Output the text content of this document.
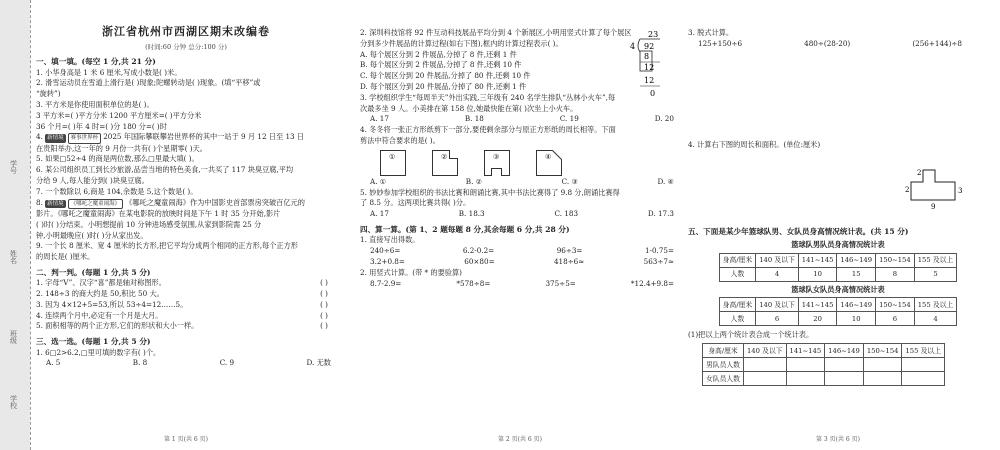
学号
姓名
班级
学校
浙江省杭州市西湖区期末改编卷
(时间:60 分钟 总分:100 分)
一、填一填。(每空 1 分,共 21 分)
1. 小华身高是 1 米 6 厘米,写成小数是( )米。
2. 滑雪运动员在雪道上滑行是( )现象;陀螺转动是( )现象。(填“平移”或
“旋转”)
3. 平方米是你使用面积单位的是( )。
3 平方米=( )平方分米 1200 平方厘米=( )平方分米
36 个月=( )年 4 时=( )分 180 分=( )时
4. 新情境 赛事世界杯 2025 年国际攀联攀岩世界杯的其中一站于 9 月 12 日至 13 日
在贵阳举办,这一年的 9 月份一共有( )个星期零( )天。
5. 如果□52÷4 的商是两位数,那么□里最大填( )。
6. 某公司组织员工到长沙旅游,品尝当地的特色美食,一共买了 117 块臭豆腐,平均
分给 9 人,每人能分到( )块臭豆腐。
7. 一个数除以 6,商是 104,余数是 5,这个数是( )。
8. 新情境 《哪吒之魔童闹海》 《哪吒之魔童闹海》作为中国影史首部票房突破百亿元的
影片。《哪吒之魔童闹海》在某电影院的放映时间是下午 1 时 35 分开始,影片
( )时( )分结束。小明想提前 10 分钟进场感受氛围,从家到影院需 25 分
钟,小明最晚应( )时( )分从家出发。
9. 一个长 8 厘米、宽 4 厘米的长方形,把它平均分成两个相同的正方形,每个正方形
的周长是( )厘米。
二、判一判。(每题 1 分,共 5 分)
1. 字母“V”、汉字“喜”都是轴对称图形。	( )
2. 148÷3 的商大约是 50,积比 50 大。	( )
3. 因为 4×12+5=53,所以 53÷4=12……5。	( )
4. 连续两个月中,必定有一个月是大月。	( )
5. 面积相等的两个正方形,它们的形状和大小一样。	( )
三、选一选。(每题 1 分,共 5 分)
1. 6□2>6.2,□里可填的数字有( )个。
A. 5	B. 8	C. 9	D. 无数
第 1 页(共 6 页)
2. 深圳科技馆将 92 件互动科技展品平均分到 4 个新展区,小明用竖式计算了每个展区
分到多少件展品的计算过程(如右下图),框内的计算过程表示( )。
A. 每个展区分到 2 件展品,分掉了 8 件,还剩 1 件
B. 每个展区分到 2 件展品,分掉了 8 件,还剩 10 件
C. 每个展区分到 20 件展品,分掉了 80 件,还剩 10 件
D. 每个展区分到 20 件展品,分掉了 80 件,还剩 1 件
23
4 92
8
12
12
0
3. 学校组织学生“每周半天”外出实践,三年级有 240 名学生排队“丛林小火车”,每
次最多坐 9 人。小美排在第 158 位,她最快能在第( )次坐上小火车。
A. 17	B. 18	C. 19	D. 20
4. 冬冬将一张正方形纸剪下一部分,要使剩余部分与原正方形纸的周长相等。下面
剪法中符合要求的是( )。
①	②	③	④
A. ①	B. ②	C. ③	D. ④
5. 妙妙参加学校组织的书法比赛和朗诵比赛,其中书法比赛得了 9.8 分,朗诵比赛得
了 8.5 分。这两项比赛共得( )分。
A. 17	B. 18.3	C. 183	D. 17.3
四、算一算。(第 1、2 题每题 8 分,其余每题 6 分,共 28 分)
1. 直接写出得数。
240÷6=	6.2-0.2=	96÷3=	1-0.75=
3.2+0.8=	60×80=	418÷6≈	563÷7≈
2. 用竖式计算。(带 * 的要验算)
8.7-2.9=	*578÷8=	375÷5=	*12.4+9.8=
第 2 页(共 6 页)
3. 脱式计算。
125+150÷6	480÷(28-20)	(256+144)÷8
4. 计算右下图的周长和面积。(单位:厘米)
2
2	3
9
五、下面是某少年篮球队男、女队员身高情况统计表。(共 15 分)
篮球队男队员身高情况统计表
身高/厘米	140 及以下	141~145	146~149	150~154	155 及以上
人数	4	10	15	8	5
篮球队女队员身高情况统计表
身高/厘米	140 及以下	141~145	146~149	150~154	155 及以上
人数	6	20	10	6	4
(1)把以上两个统计表合成一个统计表。
身高/厘米	140 及以下	141~145	146~149	150~154	155 及以上
男队员人数					
女队员人数					
第 3 页(共 6 页)
